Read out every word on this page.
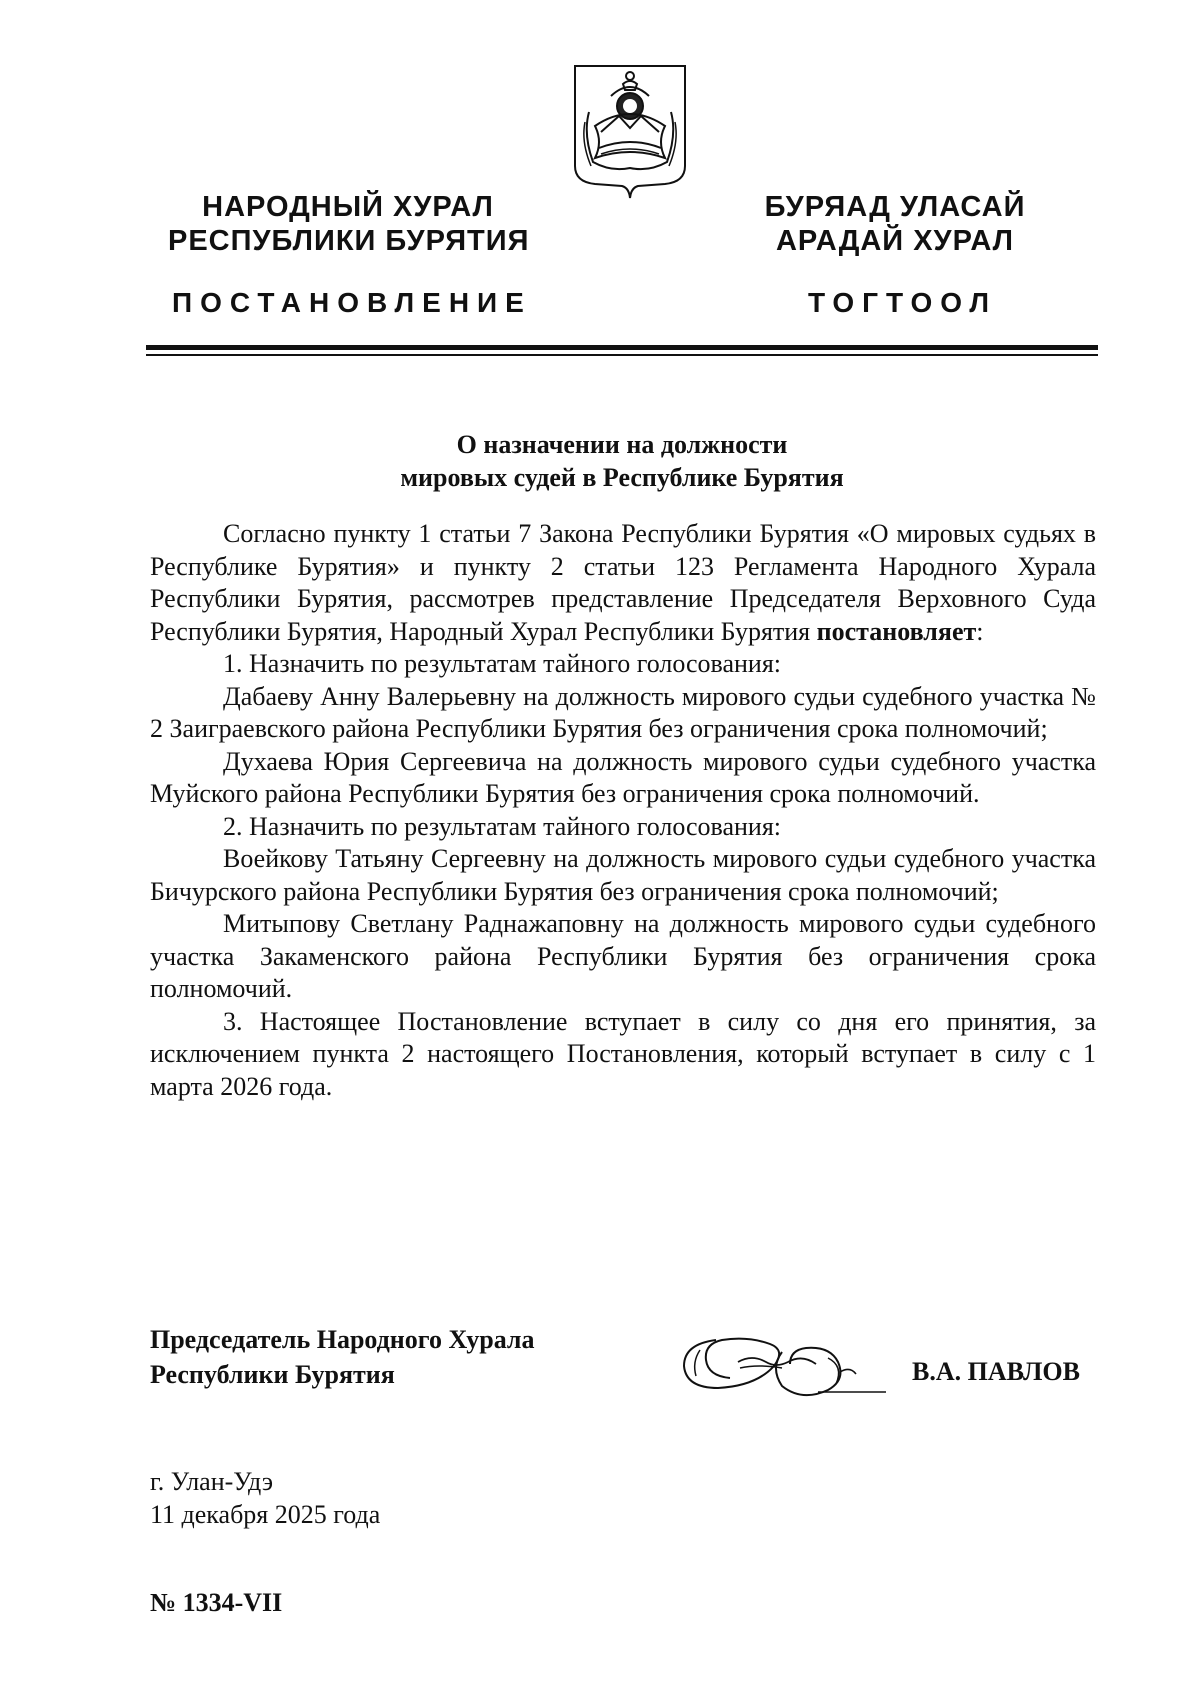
НАРОДНЫЙ ХУРАЛ
РЕСПУБЛИКИ БУРЯТИЯ
БУРЯАД УЛАСАЙ
АРАДАЙ ХУРАЛ
ПОСТАНОВЛЕНИЕ	ТОГТООЛ
О назначении на должности
мировых судей в Республике Бурятия

Согласно пункту 1 статьи 7 Закона Республики Бурятия «О мировых судьях в Республике Бурятия» и пункту 2 статьи 123 Регламента Народного Хурала Республики Бурятия, рассмотрев представление Председателя Верховного Суда Республики Бурятия, Народный Хурал Республики Бурятия постановляет:

1. Назначить по результатам тайного голосования:

Дабаеву Анну Валерьевну на должность мирового судьи судебного участка № 2 Заиграевского района Республики Бурятия без ограничения срока полномочий;

Духаева Юрия Сергеевича на должность мирового судьи судебного участка Муйского района Республики Бурятия без ограничения срока полномочий.

2. Назначить по результатам тайного голосования:

Воейкову Татьяну Сергеевну на должность мирового судьи судебного участка Бичурского района Республики Бурятия без ограничения срока полномочий;

Митыпову Светлану Раднажаповну на должность мирового судьи судебного участка Закаменского района Республики Бурятия без ограничения срока полномочий.

3. Настоящее Постановление вступает в силу со дня его принятия, за исключением пункта 2 настоящего Постановления, который вступает в силу с 1 марта 2026 года.

Председатель Народного Хурала
Республики Бурятия	В.А. ПАВЛОВ
г. Улан-Удэ
11 декабря 2025 года
№ 1334-VII
